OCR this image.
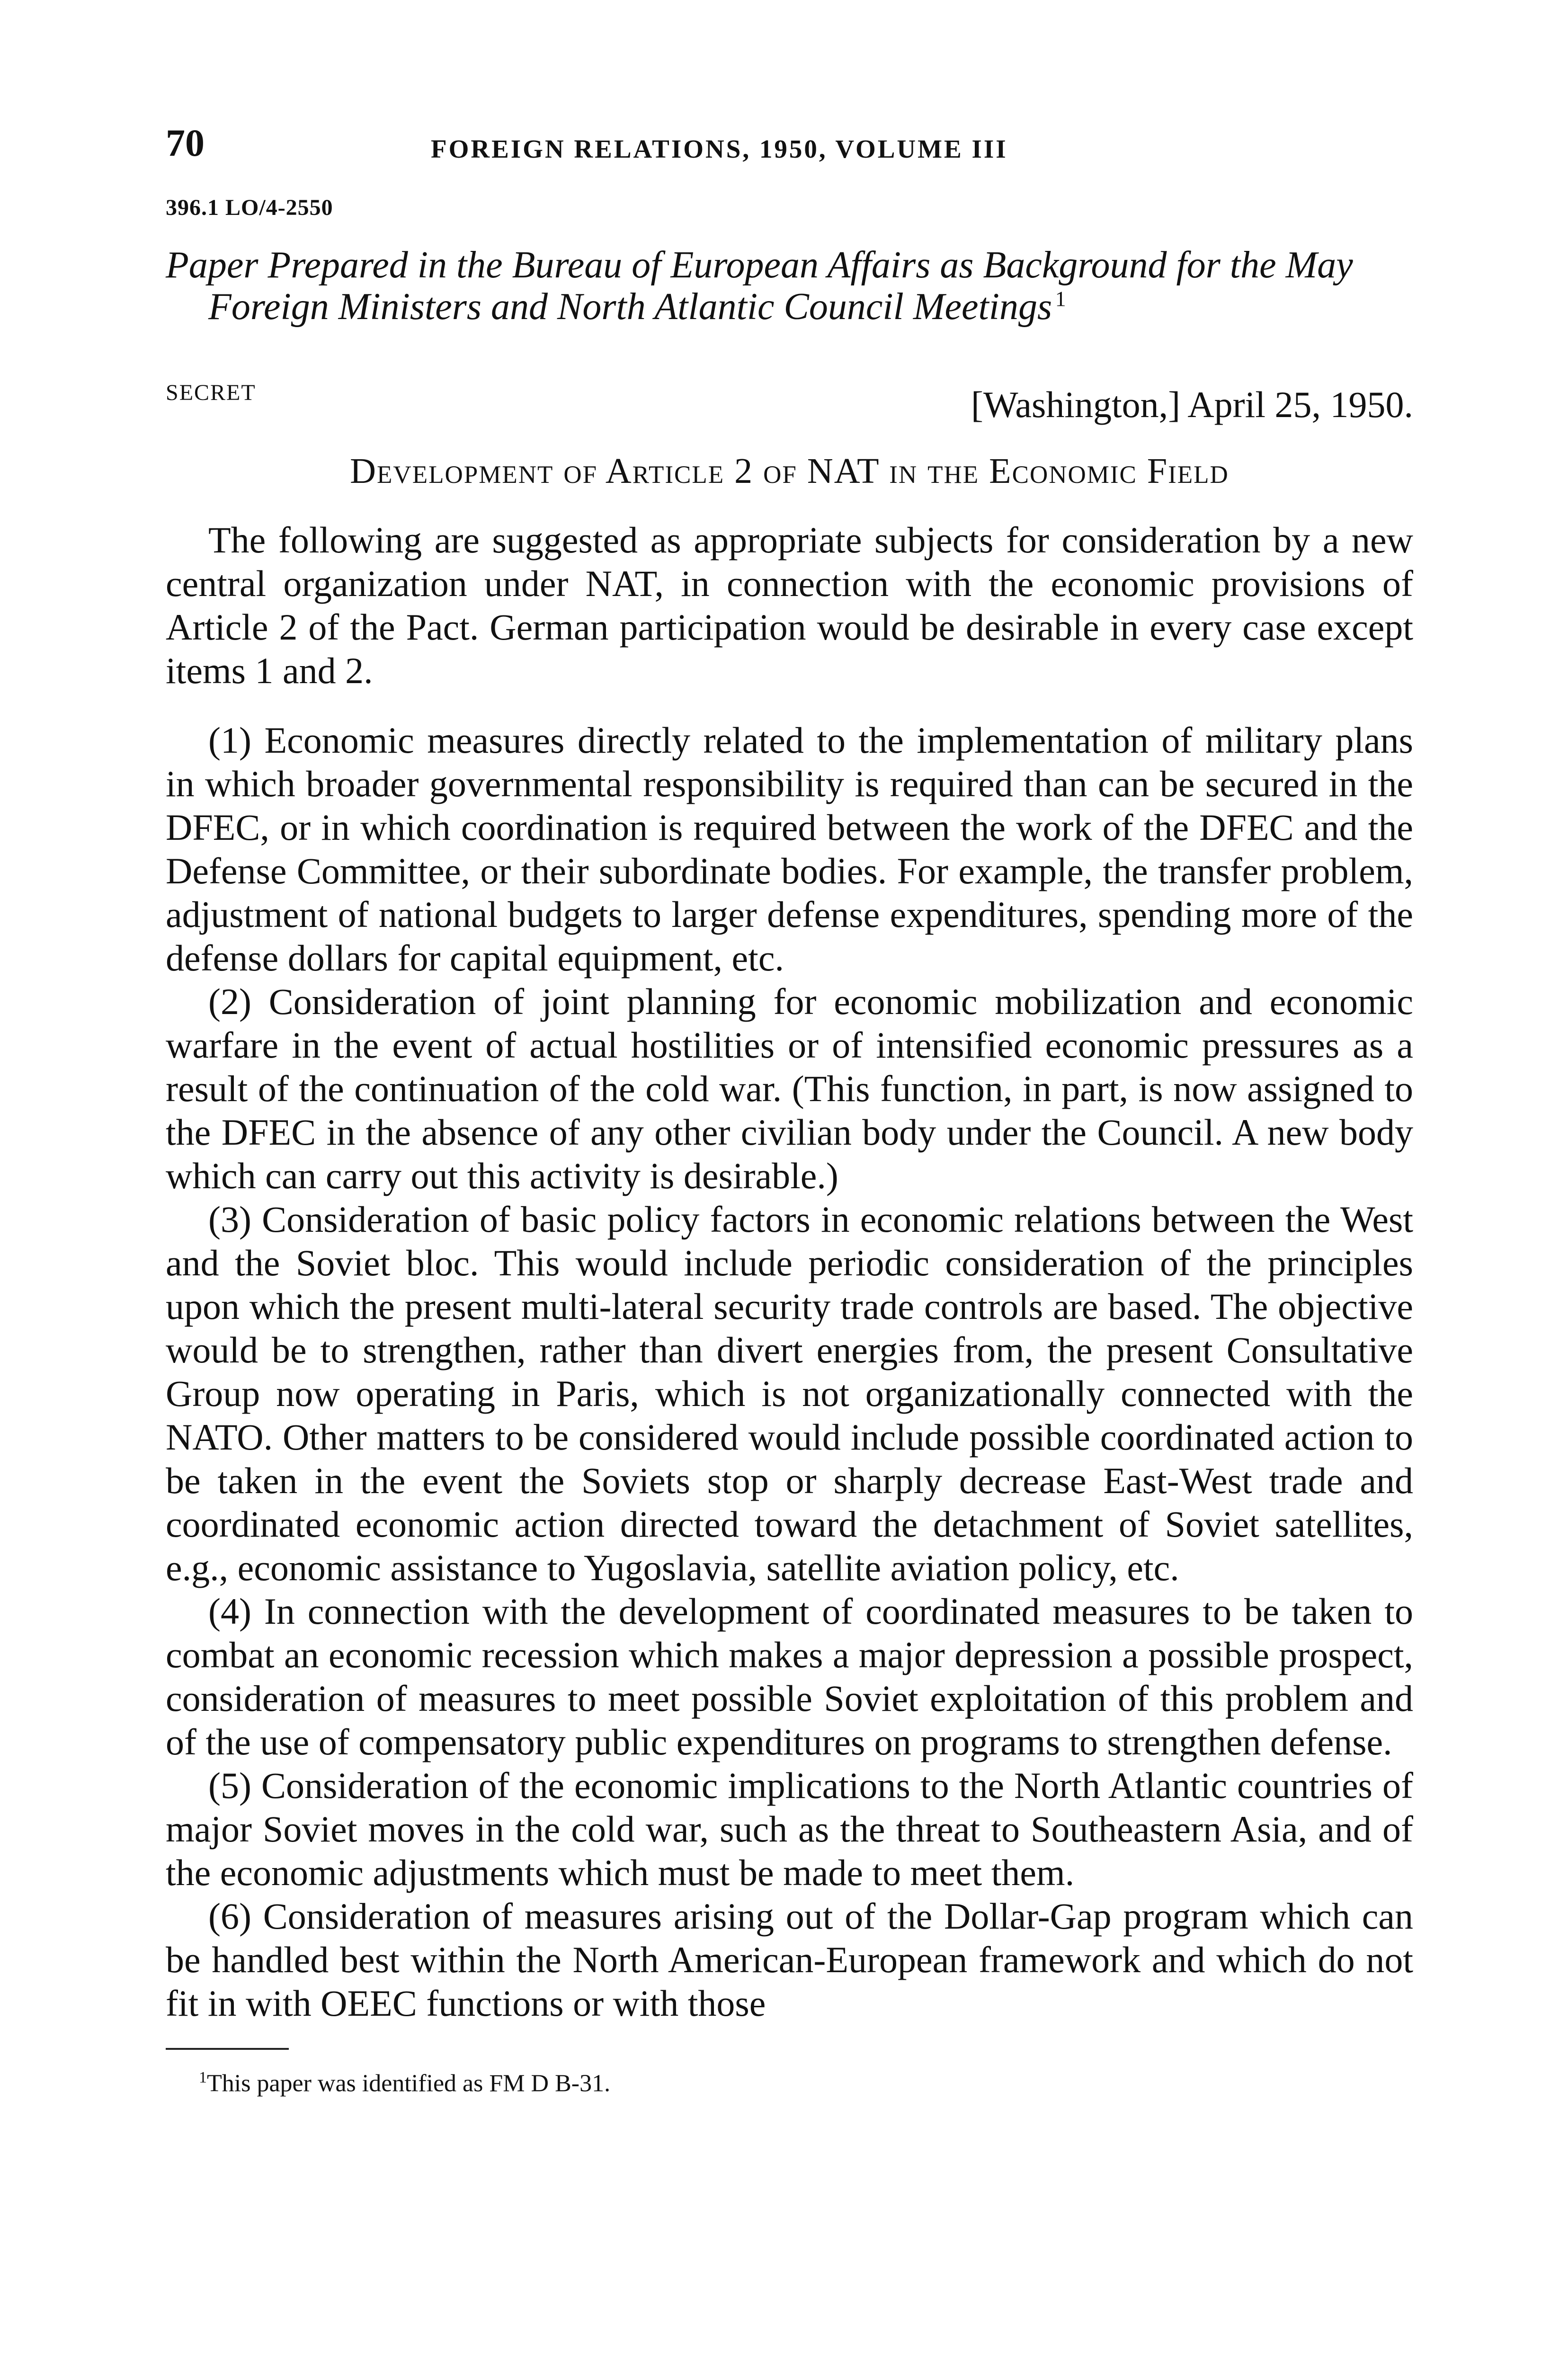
70	FOREIGN RELATIONS, 1950, VOLUME III
396.1 LO/4-2550
Paper Prepared in the Bureau of European Affairs as Background for the May Foreign Ministers and North Atlantic Council Meetings  $^1$
SECRET	[Washington,] April 25, 1950.
Development of Article 2 of NAT in the Economic Field

The following are suggested as appropriate subjects for consideration by a new central organization under NAT, in connection with the economic provisions of Article 2 of the Pact. German participation would be desirable in every case except items 1 and 2.

(1) Economic measures directly related to the implementation of military plans in which broader governmental responsibility is required than can be secured in the DFEC, or in which coordination is required between the work of the DFEC and the Defense Committee, or their subordinate bodies. For example, the transfer problem, adjustment of national budgets to larger defense expenditures, spending more of the defense dollars for capital equipment, etc.

(2) Consideration of joint planning for economic mobilization and economic warfare in the event of actual hostilities or of intensified economic pressures as a result of the continuation of the cold war. (This function, in part, is now assigned to the DFEC in the absence of any other civilian body under the Council. A new body which can carry out this activity is desirable.)

(3) Consideration of basic policy factors in economic relations between the West and the Soviet bloc. This would include periodic consideration of the principles upon which the present multi-lateral security trade controls are based. The objective would be to strengthen, rather than divert energies from, the present Consultative Group now operating in Paris, which is not organizationally connected with the NATO. Other matters to be considered would include possible coordinated action to be taken in the event the Soviets stop or sharply decrease East-West trade and coordinated economic action directed toward the detachment of Soviet satellites, e.g., economic assistance to Yugoslavia, satellite aviation policy, etc.

(4) In connection with the development of coordinated measures to be taken to combat an economic recession which makes a major depression a possible prospect, consideration of measures to meet possible Soviet exploitation of this problem and of the use of compensatory public expenditures on programs to strengthen defense.

(5) Consideration of the economic implications to the North Atlantic countries of major Soviet moves in the cold war, such as the threat to Southeastern Asia, and of the economic adjustments which must be made to meet them.

(6) Consideration of measures arising out of the Dollar-Gap program which can be handled best within the North American-European framework and which do not fit in with OEEC functions or with those

$^1$This paper was identified as FM D B-31.
